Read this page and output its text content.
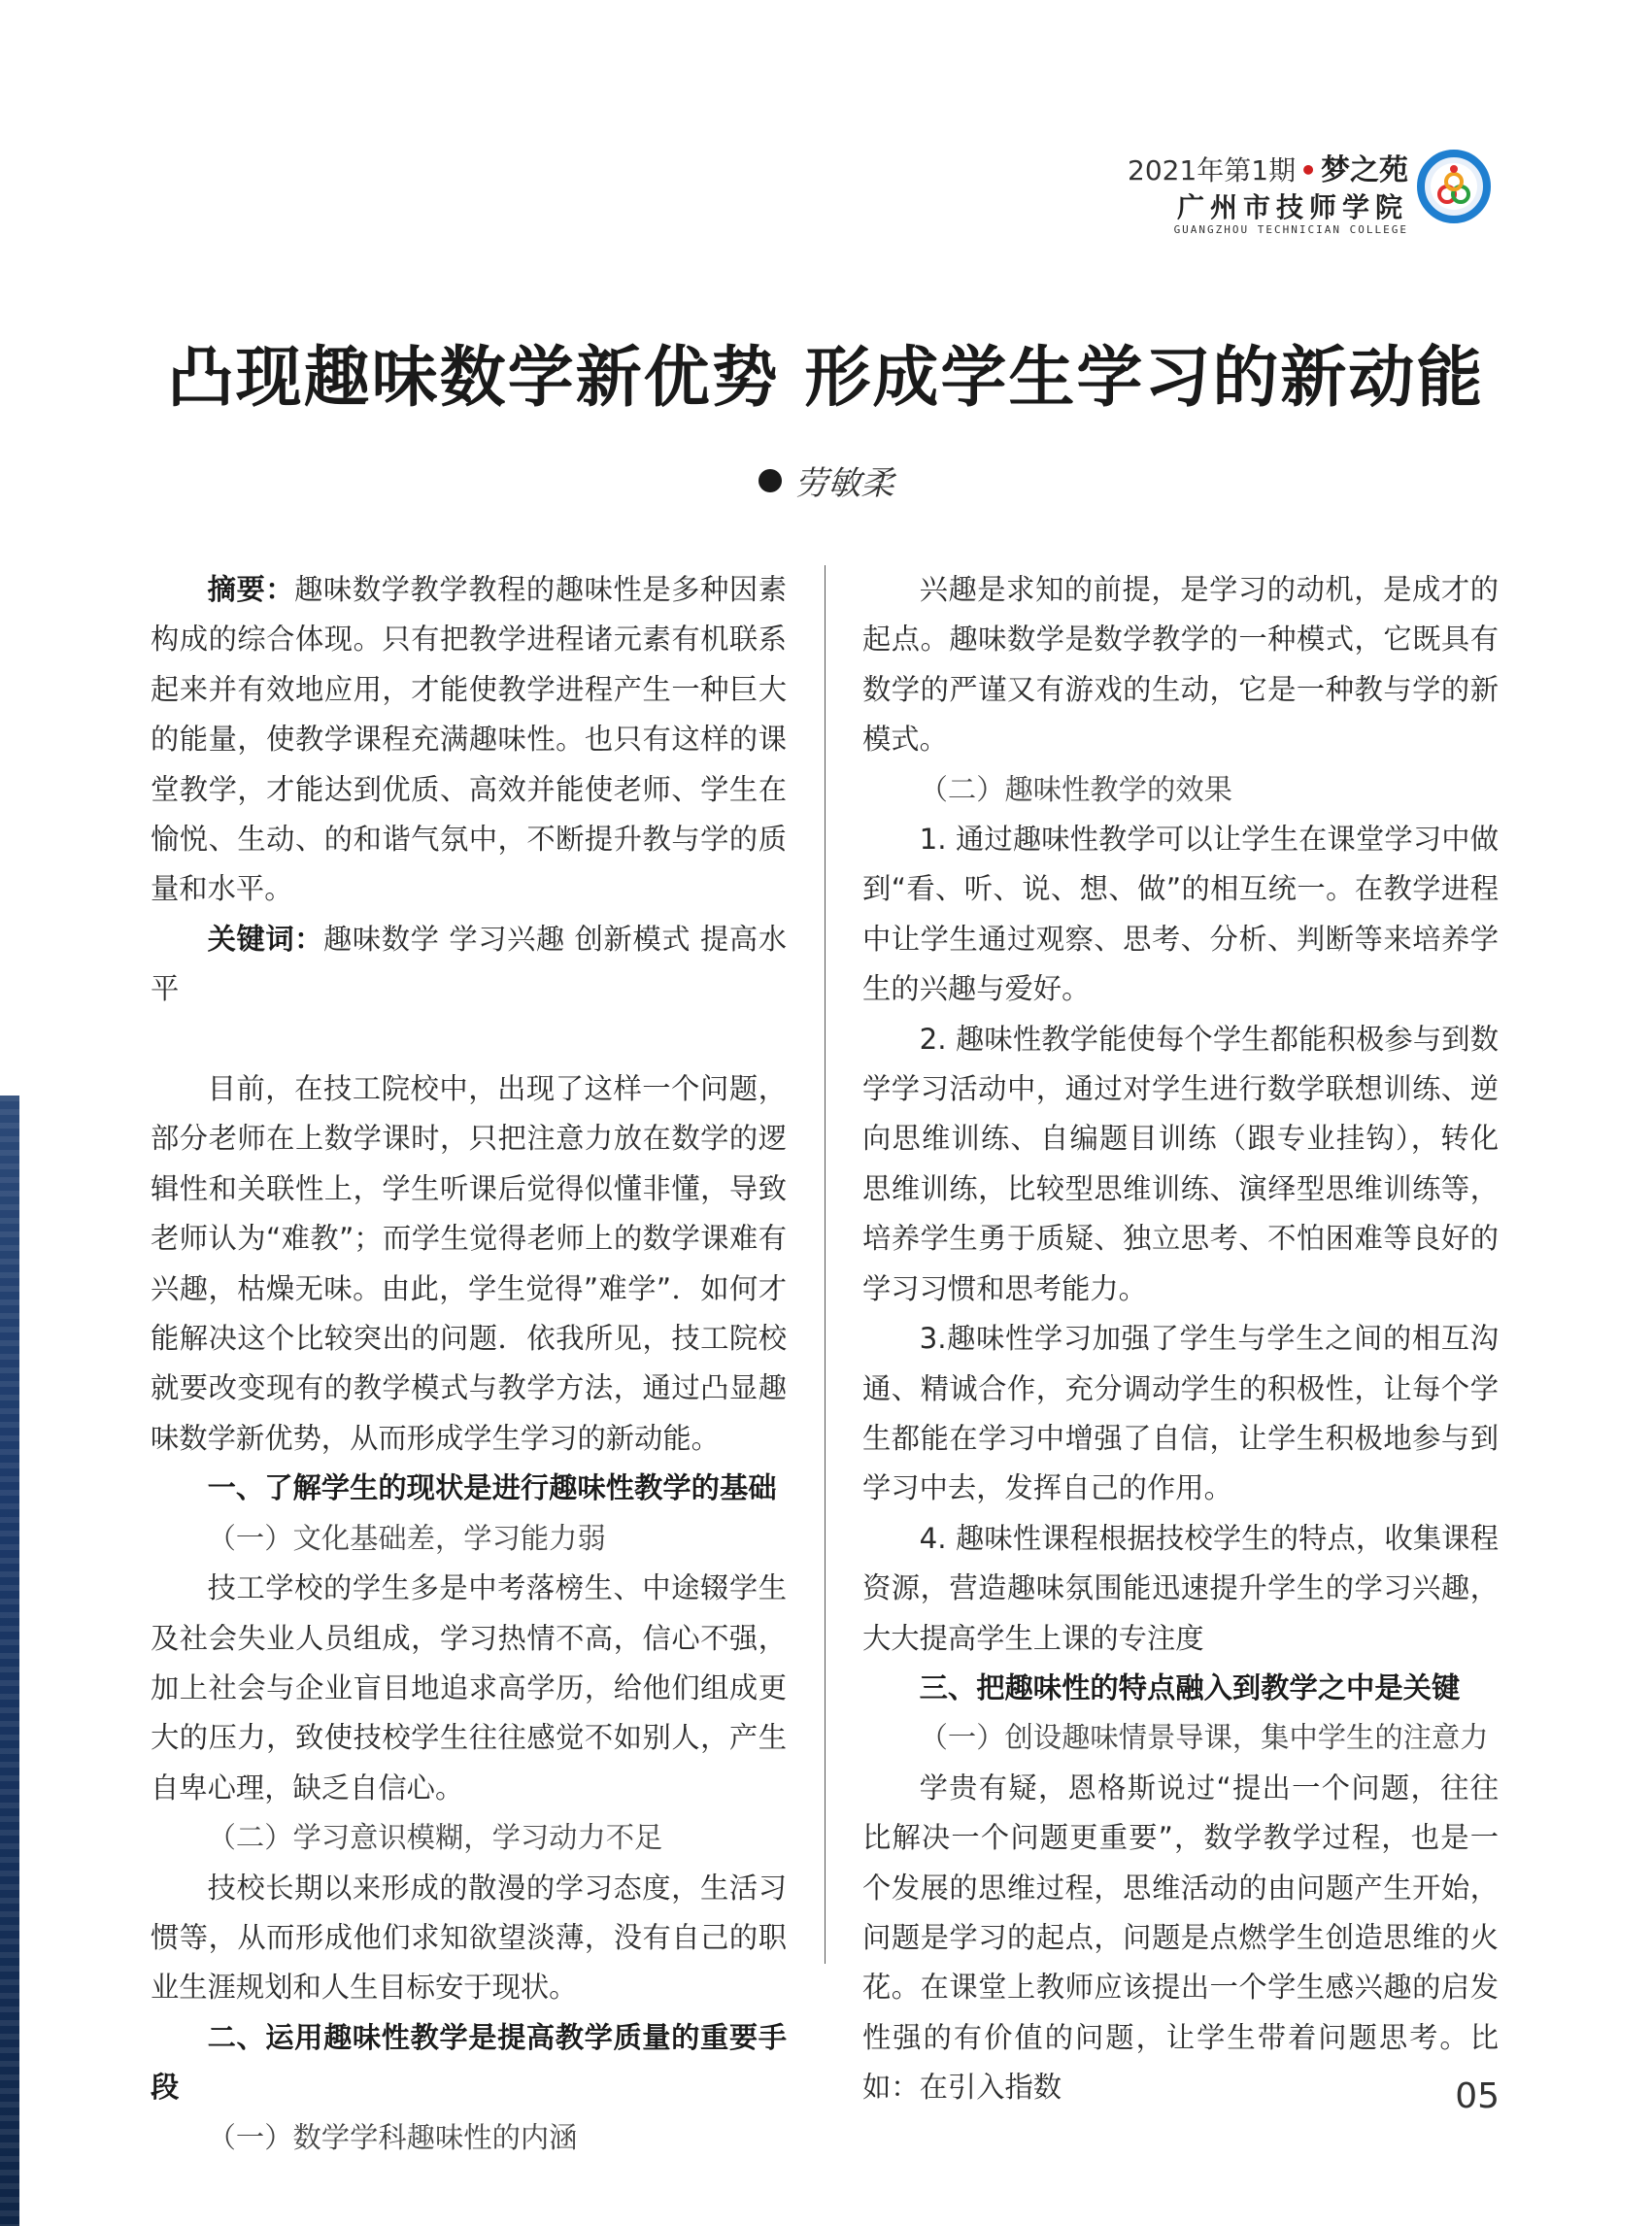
2021年第1期 • 梦之苑
广州市技师学院
GUANGZHOU TECHNICIAN COLLEGE
凸现趣味数学新优势 形成学生学习的新动能
劳敏柔

摘要：趣味数学教学教程的趣味性是多种因素构成的综合体现。只有把教学进程诸元素有机联系起来并有效地应用，才能使教学进程产生一种巨大的能量，使教学课程充满趣味性。也只有这样的课堂教学，才能达到优质、高效并能使老师、学生在愉悦、生动、的和谐气氛中，不断提升教与学的质量和水平。

关键词：趣味数学 学习兴趣 创新模式 提高水平

目前，在技工院校中，出现了这样一个问题，部分老师在上数学课时，只把注意力放在数学的逻辑性和关联性上，学生听课后觉得似懂非懂，导致老师认为“难教”；而学生觉得老师上的数学课难有兴趣，枯燥无味。由此，学生觉得”难学”．如何才能解决这个比较突出的问题．依我所见，技工院校就要改变现有的教学模式与教学方法，通过凸显趣味数学新优势，从而形成学生学习的新动能。

一、了解学生的现状是进行趣味性教学的基础

（一）文化基础差，学习能力弱

技工学校的学生多是中考落榜生、中途辍学生及社会失业人员组成，学习热情不高，信心不强，加上社会与企业盲目地追求高学历，给他们组成更大的压力，致使技校学生往往感觉不如别人，产生自卑心理，缺乏自信心。

（二）学习意识模糊，学习动力不足

技校长期以来形成的散漫的学习态度，生活习惯等，从而形成他们求知欲望淡薄，没有自己的职业生涯规划和人生目标安于现状。

二、运用趣味性教学是提高教学质量的重要手段

（一）数学学科趣味性的内涵

兴趣是求知的前提，是学习的动机，是成才的起点。趣味数学是数学教学的一种模式，它既具有数学的严谨又有游戏的生动，它是一种教与学的新模式。

（二）趣味性教学的效果

1. 通过趣味性教学可以让学生在课堂学习中做到“看、听、说、想、做”的相互统一。在教学进程中让学生通过观察、思考、分析、判断等来培养学生的兴趣与爱好。

2. 趣味性教学能使每个学生都能积极参与到数学学习活动中，通过对学生进行数学联想训练、逆向思维训练、自编题目训练（跟专业挂钩），转化思维训练，比较型思维训练、演绎型思维训练等，培养学生勇于质疑、独立思考、不怕困难等良好的学习习惯和思考能力。

3.趣味性学习加强了学生与学生之间的相互沟通、精诚合作，充分调动学生的积极性，让每个学生都能在学习中增强了自信，让学生积极地参与到学习中去，发挥自己的作用。

4. 趣味性课程根据技校学生的特点，收集课程资源，营造趣味氛围能迅速提升学生的学习兴趣，大大提高学生上课的专注度

三、把趣味性的特点融入到教学之中是关键

（一）创设趣味情景导课，集中学生的注意力

学贵有疑，恩格斯说过“提出一个问题，往往比解决一个问题更重要”，数学教学过程，也是一个发展的思维过程，思维活动的由问题产生开始，问题是学习的起点，问题是点燃学生创造思维的火花。在课堂上教师应该提出一个学生感兴趣的启发性强的有价值的问题，让学生带着问题思考。比如：在引入指数	05
